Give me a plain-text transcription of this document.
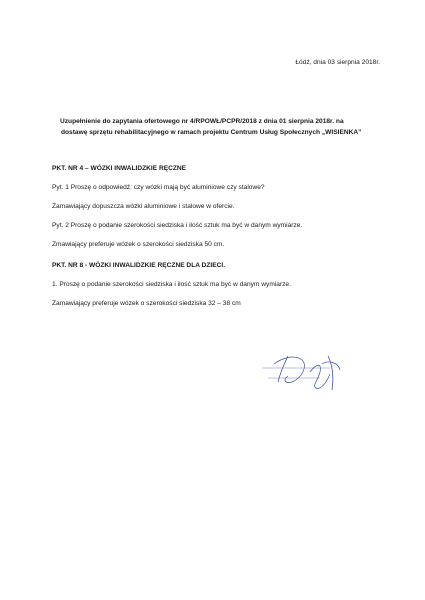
Łódź, dnia 03 sierpnia 2018r.
Uzupełnienie do zapytania ofertowego nr 4/RPOWŁ/PCPR/2018 z dnia 01 sierpnia 2018r. na
dostawę sprzętu rehabilitacyjnego w ramach projektu Centrum Usług Społecznych „WISIENKA”
PKT. NR 4 – WÓZKI INWALIDZKIE RĘCZNE
Pyt. 1 Proszę o odpowiedź: czy wózki mają być aluminiowe czy stalowe?
Zamawiający dopuszcza wózki aluminiowe i stalowe w ofercie.
Pyt. 2 Proszę o podanie szerokości siedziska i ilość sztuk ma być w danym wymiarze.
Zmawiający preferuje wózek o szerokości siedziska 50 cm.
PKT. NR 8 - WÓZKI INWALIDZKIE RĘCZNE DLA DZIECI.
1. Proszę o podanie szerokości siedziska i ilość sztuk ma być w danym wymiarze.
Zamawiający preferuje wózek o szerokości siedziska 32 – 38 cm
